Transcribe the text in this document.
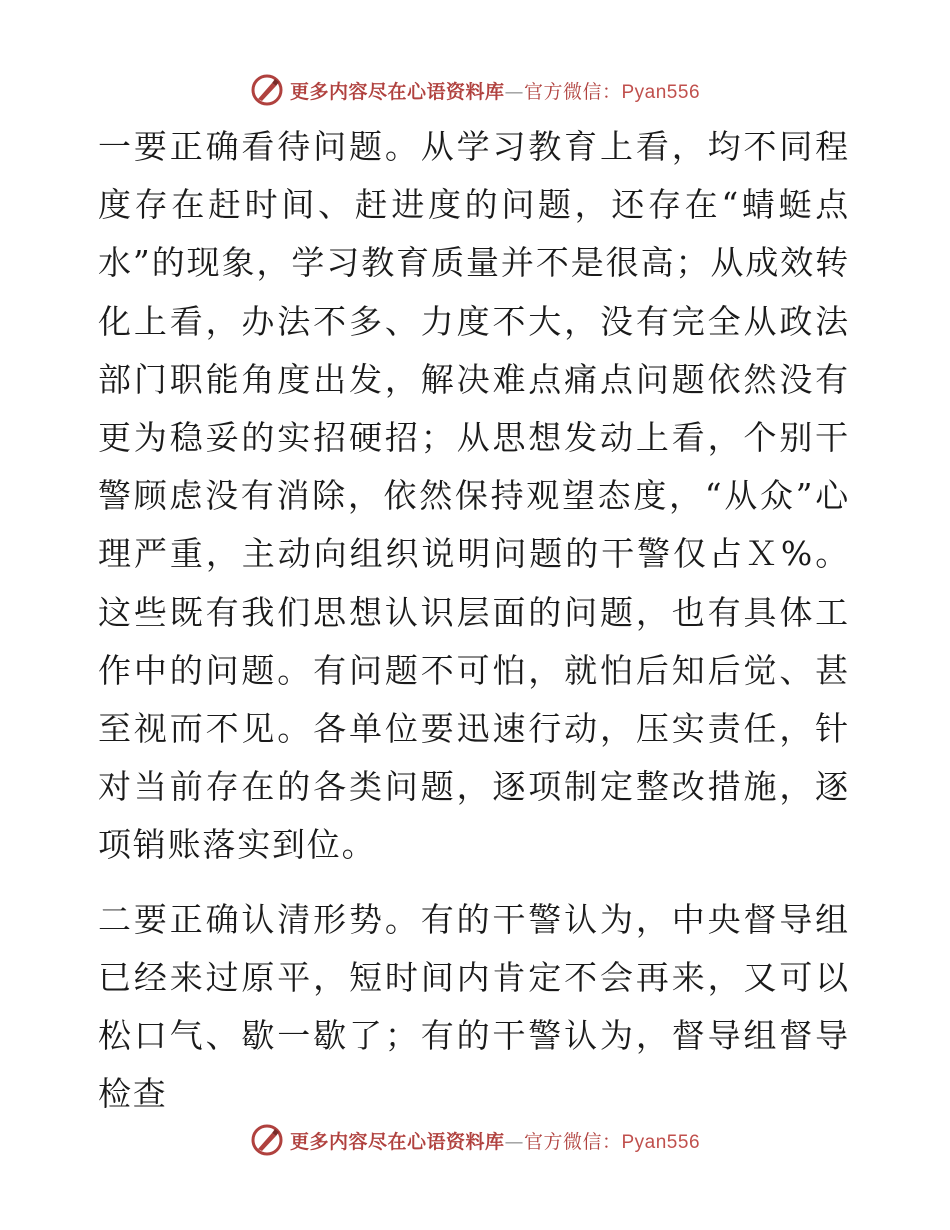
更多内容尽在心语资料库—官方微信：Pyan556

一要正确看待问题。从学习教育上看，均不同程度存在赶时间、赶进度的问题，还存在“蜻蜓点水”的现象，学习教育质量并不是很高；从成效转化上看，办法不多、力度不大，没有完全从政法部门职能角度出发，解决难点痛点问题依然没有更为稳妥的实招硬招；从思想发动上看，个别干警顾虑没有消除，依然保持观望态度，“从众”心理严重，主动向组织说明问题的干警仅占Ｘ%。这些既有我们思想认识层面的问题，也有具体工作中的问题。有问题不可怕，就怕后知后觉、甚至视而不见。各单位要迅速行动，压实责任，针对当前存在的各类问题，逐项制定整改措施，逐项销账落实到位。

二要正确认清形势。有的干警认为，中央督导组已经来过原平，短时间内肯定不会再来，又可以松口气、歇一歇了；有的干警认为，督导组督导检查

更多内容尽在心语资料库—官方微信：Pyan556
